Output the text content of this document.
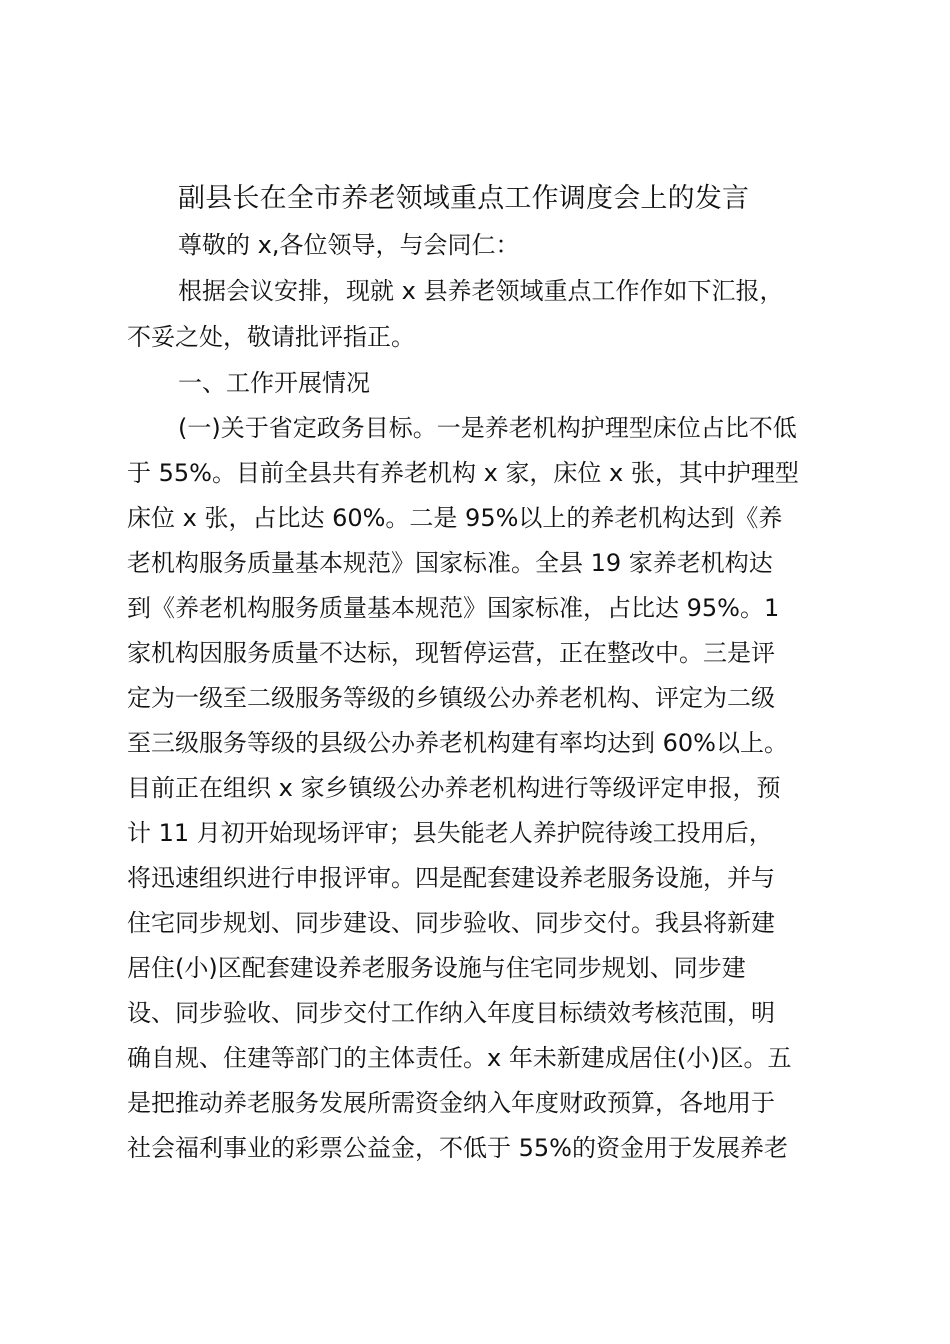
副县长在全市养老领域重点工作调度会上的发言
尊敬的 x,各位领导，与会同仁：
根据会议安排，现就 x 县养老领域重点工作作如下汇报，
不妥之处，敬请批评指正。
一、工作开展情况
(一)关于省定政务目标。一是养老机构护理型床位占比不低
于 55%。目前全县共有养老机构 x 家，床位 x 张，其中护理型
床位 x 张，占比达 60%。二是 95%以上的养老机构达到《养
老机构服务质量基本规范》国家标准。全县 19 家养老机构达
到《养老机构服务质量基本规范》国家标准，占比达 95%。1
家机构因服务质量不达标，现暂停运营，正在整改中。三是评
定为一级至二级服务等级的乡镇级公办养老机构、评定为二级
至三级服务等级的县级公办养老机构建有率均达到 60%以上。
目前正在组织 x 家乡镇级公办养老机构进行等级评定申报，预
计 11 月初开始现场评审；县失能老人养护院待竣工投用后，
将迅速组织进行申报评审。四是配套建设养老服务设施，并与
住宅同步规划、同步建设、同步验收、同步交付。我县将新建
居住(小)区配套建设养老服务设施与住宅同步规划、同步建
设、同步验收、同步交付工作纳入年度目标绩效考核范围，明
确自规、住建等部门的主体责任。x 年未新建成居住(小)区。五
是把推动养老服务发展所需资金纳入年度财政预算，各地用于
社会福利事业的彩票公益金，不低于 55%的资金用于发展养老
